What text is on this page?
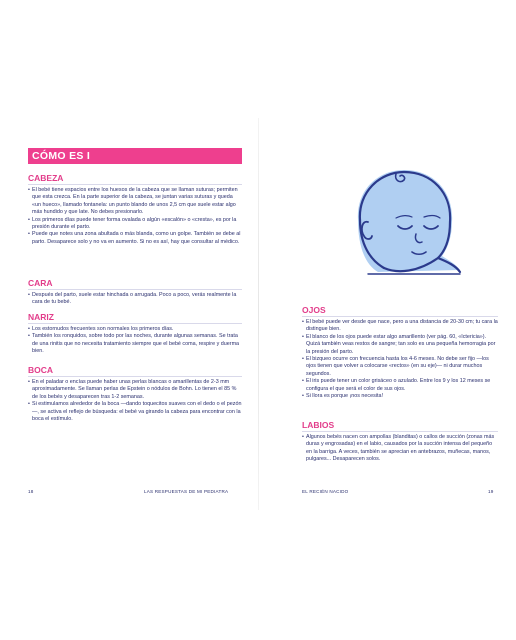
CÓMO ES I
CABEZA
• El bebé tiene espacios entre los huesos de la cabeza que se llaman suturas; permiten que esta crezca. En la parte superior de la cabeza, se juntan varias suturas y queda «un hueco», llamado fontanela: un punto blando de unos 2,5 cm que suele estar algo más hundido y que late. No debes presionarlo.
• Los primeros días puede tener forma ovalada o algún «escalón» o «cresta», es por la presión durante el parto.
• Puede que notes una zona abultada o más blanda, como un golpe. También se debe al parto. Desaparece solo y no va en aumento. Si no es así, hay que consultar al médico.
CARA
• Después del parto, suele estar hinchada o arrugada. Poco a poco, verás realmente la cara de tu bebé.
NARIZ
• Los estornudos frecuentes son normales los primeros días.
• También los ronquidos, sobre todo por las noches, durante algunas semanas. Se trata de una rinitis que no necesita tratamiento siempre que el bebé coma, respire y duerma bien.
BOCA
• En el paladar o encías puede haber unas perlas blancas o amarillentas de 2-3 mm aproximadamente. Se llaman perlas de Epstein o nódulos de Bohn. Lo tienen el 85 % de los bebés y desaparecen tras 1-2 semanas.
• Si estimulamos alrededor de la boca —dando toquecitos suaves con el dedo o el pezón—, se activa el reflejo de búsqueda: el bebé va girando la cabeza para encontrar con la boca el estímulo.
18	LAS RESPUESTAS DE MI PEDIATRA
OJOS
• El bebé puede ver desde que nace, pero a una distancia de 20-30 cm; tu cara la distingue bien.
• El blanco de los ojos puede estar algo amarillento (ver pág. 60, «Ictericia»). Quizá también veas restos de sangre; tan solo es una pequeña hemorragia por la presión del parto.
• El bizqueo ocurre con frecuencia hasta los 4-6 meses. No debe ser fijo —los ojos tienen que volver a colocarse «rectos» (en su eje)— ni durar muchos segundos.
• El iris puede tener un color grisáceo o azulado. Entre los 9 y los 12 meses se configura el que será el color de sus ojos.
• Si llora es porque ¡nos necesita!
LABIOS
• Algunos bebés nacen con ampollas (blanditas) o callos de succión (zonas más duras y engrosadas) en el labio, causados por la succión intensa del pequeño en la barriga. A veces, también se aprecian en antebrazos, muñecas, manos, pulgares... Desaparecen solos.
EL RECIÉN NACIDO	19
